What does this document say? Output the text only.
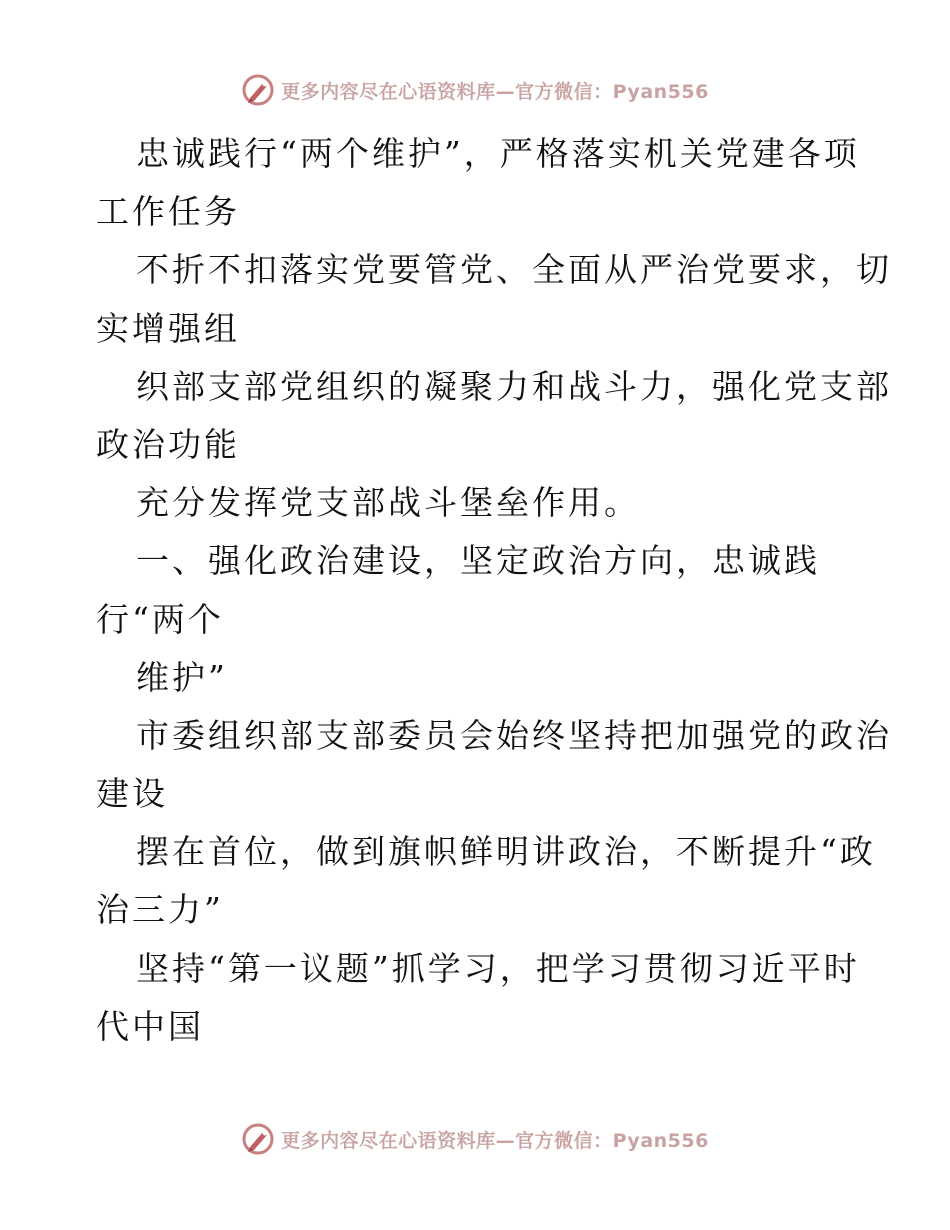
更多内容尽在心语资料库—官方微信：Pyan556
忠诚践行“两个维护”，严格落实机关党建各项
工作任务
不折不扣落实党要管党、全面从严治党要求，切
实增强组
织部支部党组织的凝聚力和战斗力，强化党支部
政治功能
充分发挥党支部战斗堡垒作用。
一、强化政治建设，坚定政治方向，忠诚践
行“两个
维护”
市委组织部支部委员会始终坚持把加强党的政治
建设
摆在首位，做到旗帜鲜明讲政治，不断提升“政
治三力”
坚持“第一议题”抓学习，把学习贯彻习近平时
代中国
更多内容尽在心语资料库—官方微信：Pyan556
